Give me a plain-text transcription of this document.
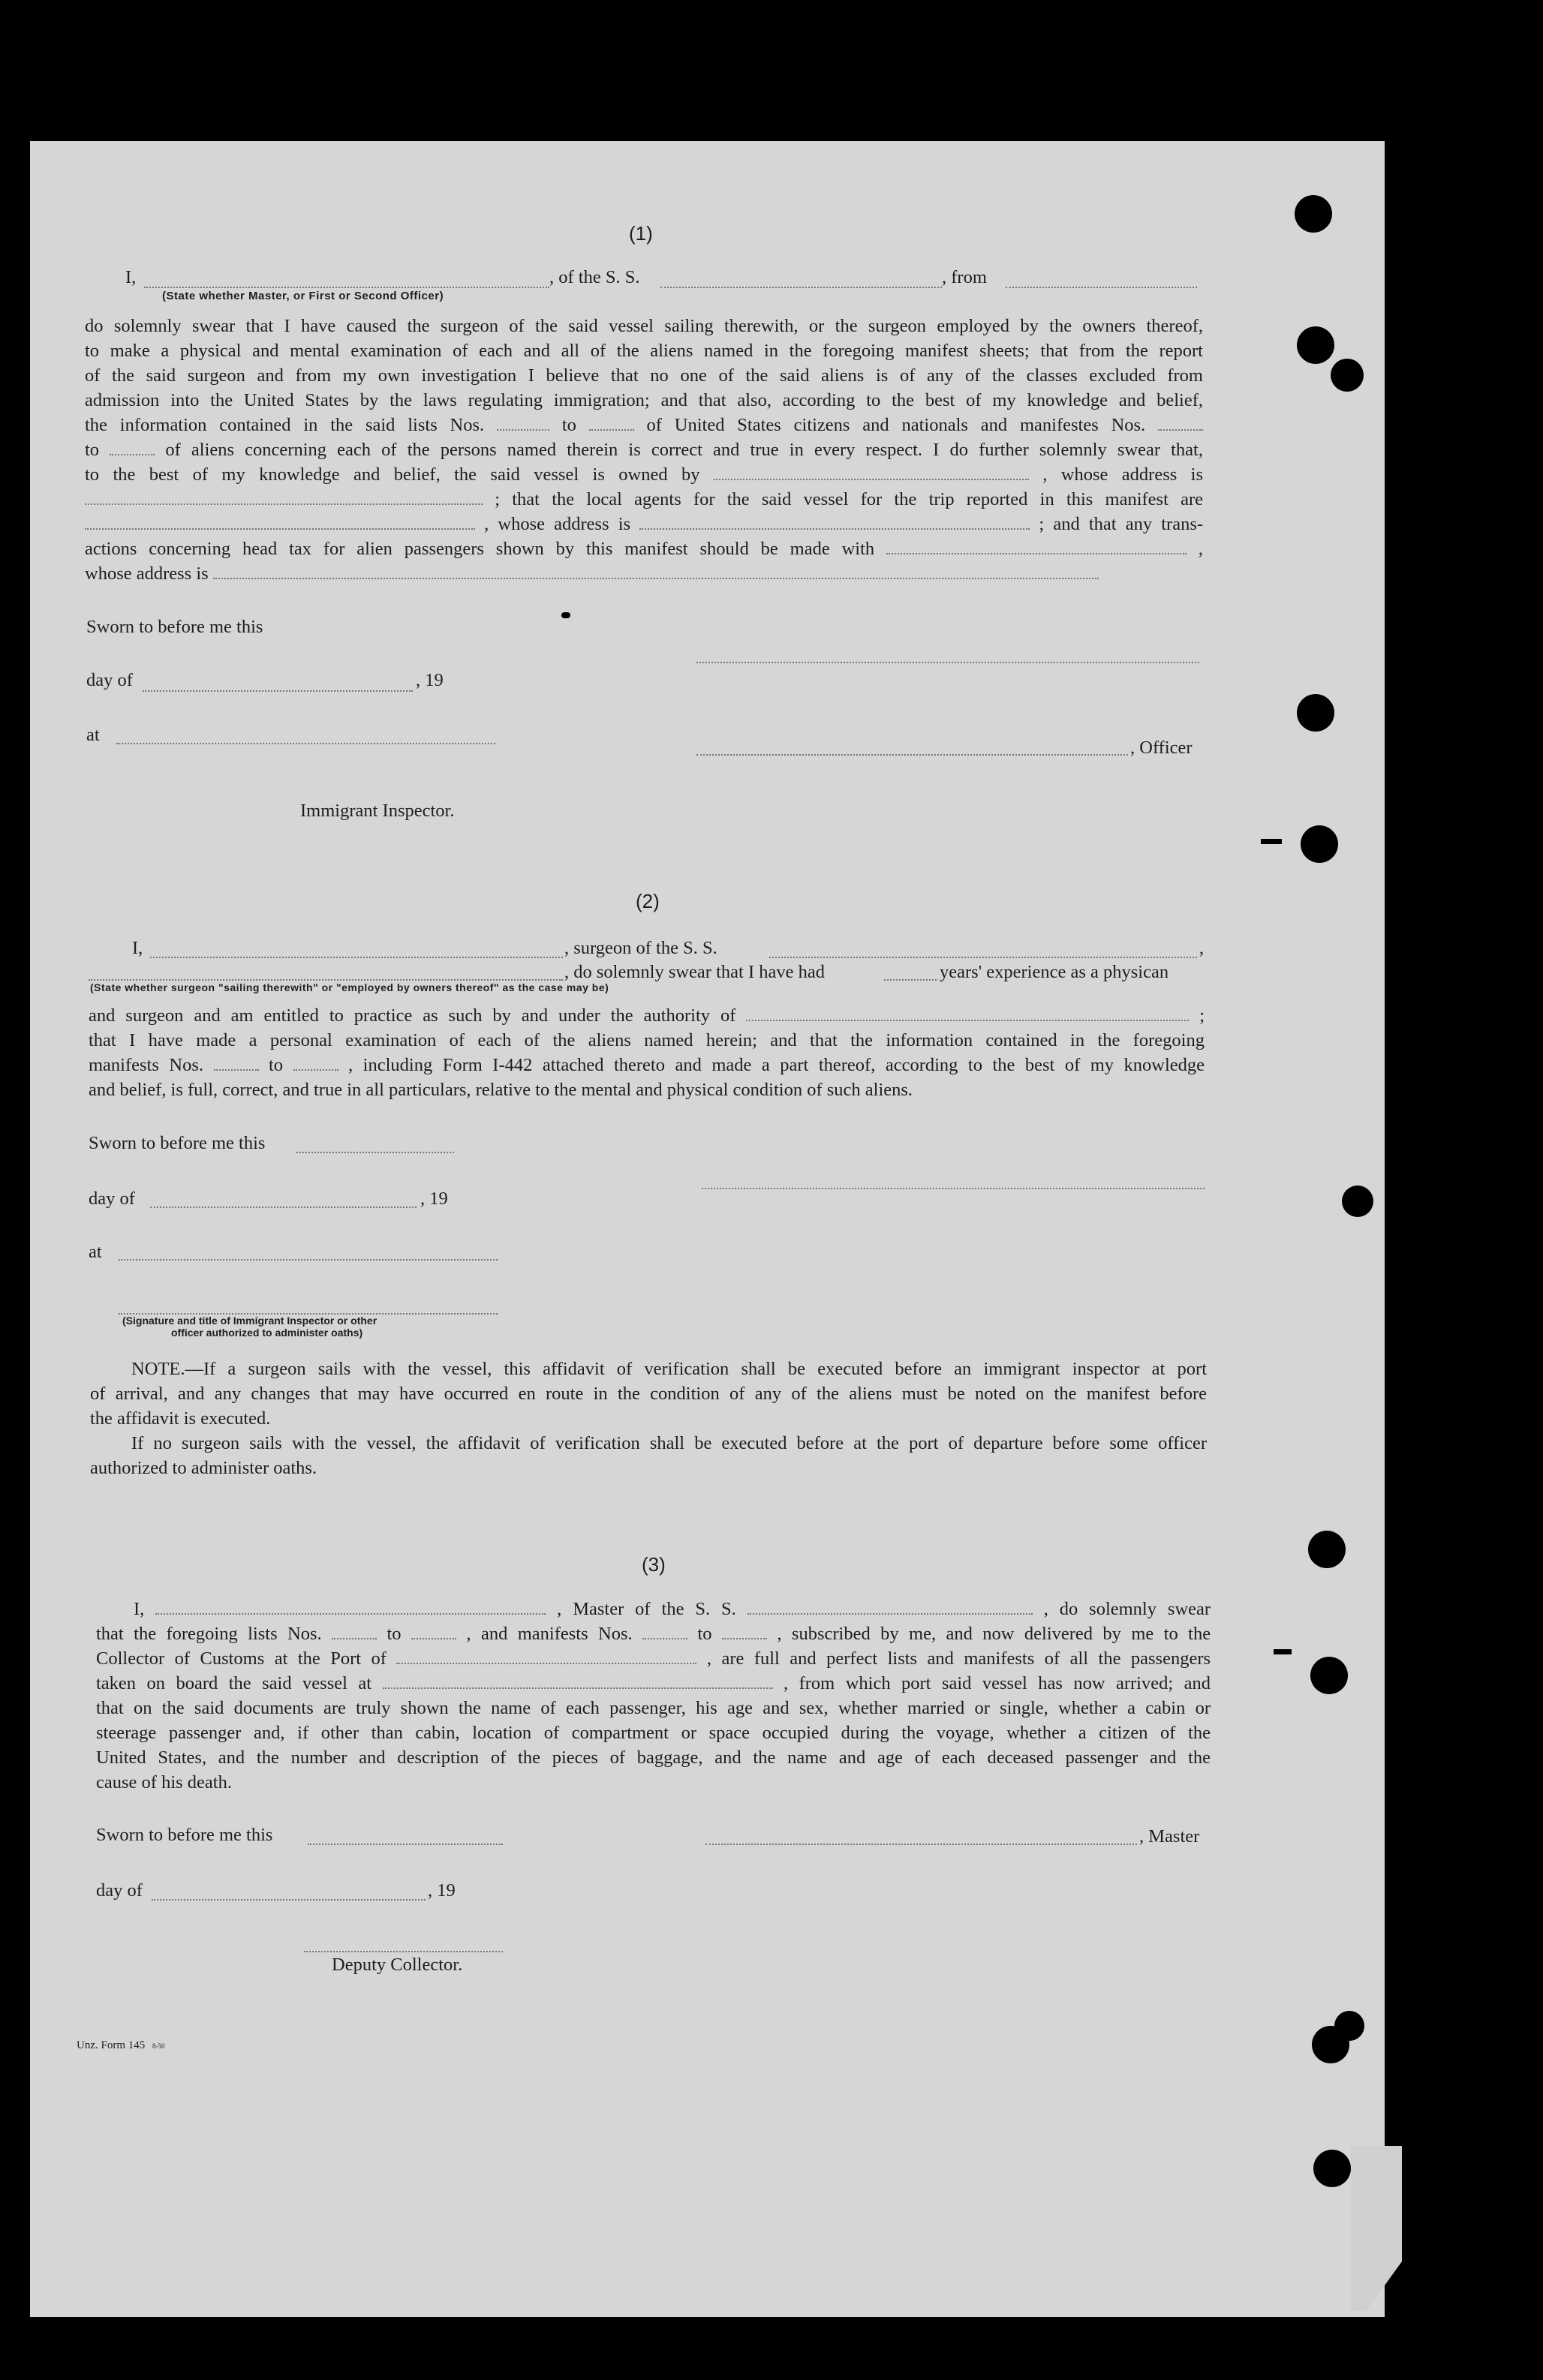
(1)
I,	, of the S. S.	, from
(State whether Master, or First or Second Officer)
do solemnly swear that I have caused the surgeon of the said vessel sailing therewith, or the surgeon employed by the owners thereof,
to make a physical and mental examination of each and all of the aliens named in the foregoing manifest sheets; that from the report
of the said surgeon and from my own investigation I believe that no one of the said aliens is of any of the classes excluded from
admission into the United States by the laws regulating immigration; and that also, according to the best of my knowledge and belief,
the information contained in the said lists Nos.	to	of United States citizens and nationals and manifestes Nos.
to	of aliens concerning each of the persons named therein is correct and true in every respect. I do further solemnly swear that,
to the best of my knowledge and belief, the said vessel is owned by	, whose address is
; that the local agents for the said vessel for the trip reported in this manifest are
, whose address is	; and that any trans-
actions concerning head tax for alien passengers shown by this manifest should be made with	,
whose address is
Sworn to before me this
day of	, 19
at
, Officer
Immigrant Inspector.
(2)
I,	, surgeon of the S. S.	,
, do solemnly swear that I have had	years' experience as a physican
(State whether surgeon "sailing therewith" or "employed by owners thereof" as the case may be)
and surgeon and am entitled to practice as such by and under the authority of	;
that I have made a personal examination of each of the aliens named herein; and that the information contained in the foregoing
manifests Nos.	to	, including Form I-442 attached thereto and made a part thereof, according to the best of my knowledge
and belief, is full, correct, and true in all particulars, relative to the mental and physical condition of such aliens.
Sworn to before me this
day of	, 19
at
(Signature and title of Immigrant Inspector or other
officer authorized to administer oaths)
NOTE.—If a surgeon sails with the vessel, this affidavit of verification shall be executed before an immigrant inspector at port
of arrival, and any changes that may have occurred en route in the condition of any of the aliens must be noted on the manifest before
the affidavit is executed.
If no surgeon sails with the vessel, the affidavit of verification shall be executed before at the port of departure before some officer
authorized to administer oaths.
(3)
I,	, Master of the S. S.	, do solemnly swear
that the foregoing lists Nos.	to	, and manifests Nos.	to	, subscribed by me, and now delivered by me to the
Collector of Customs at the Port of	, are full and perfect lists and manifests of all the passengers
taken on board the said vessel at	, from which port said vessel has now arrived; and
that on the said documents are truly shown the name of each passenger, his age and sex, whether married or single, whether a cabin or
steerage passenger and, if other than cabin, location of compartment or space occupied during the voyage, whether a citizen of the
United States, and the number and description of the pieces of baggage, and the name and age of each deceased passenger and the
cause of his death.
Sworn to before me this	, Master
day of	, 19
Deputy Collector.
Unz. Form 145 8-50
